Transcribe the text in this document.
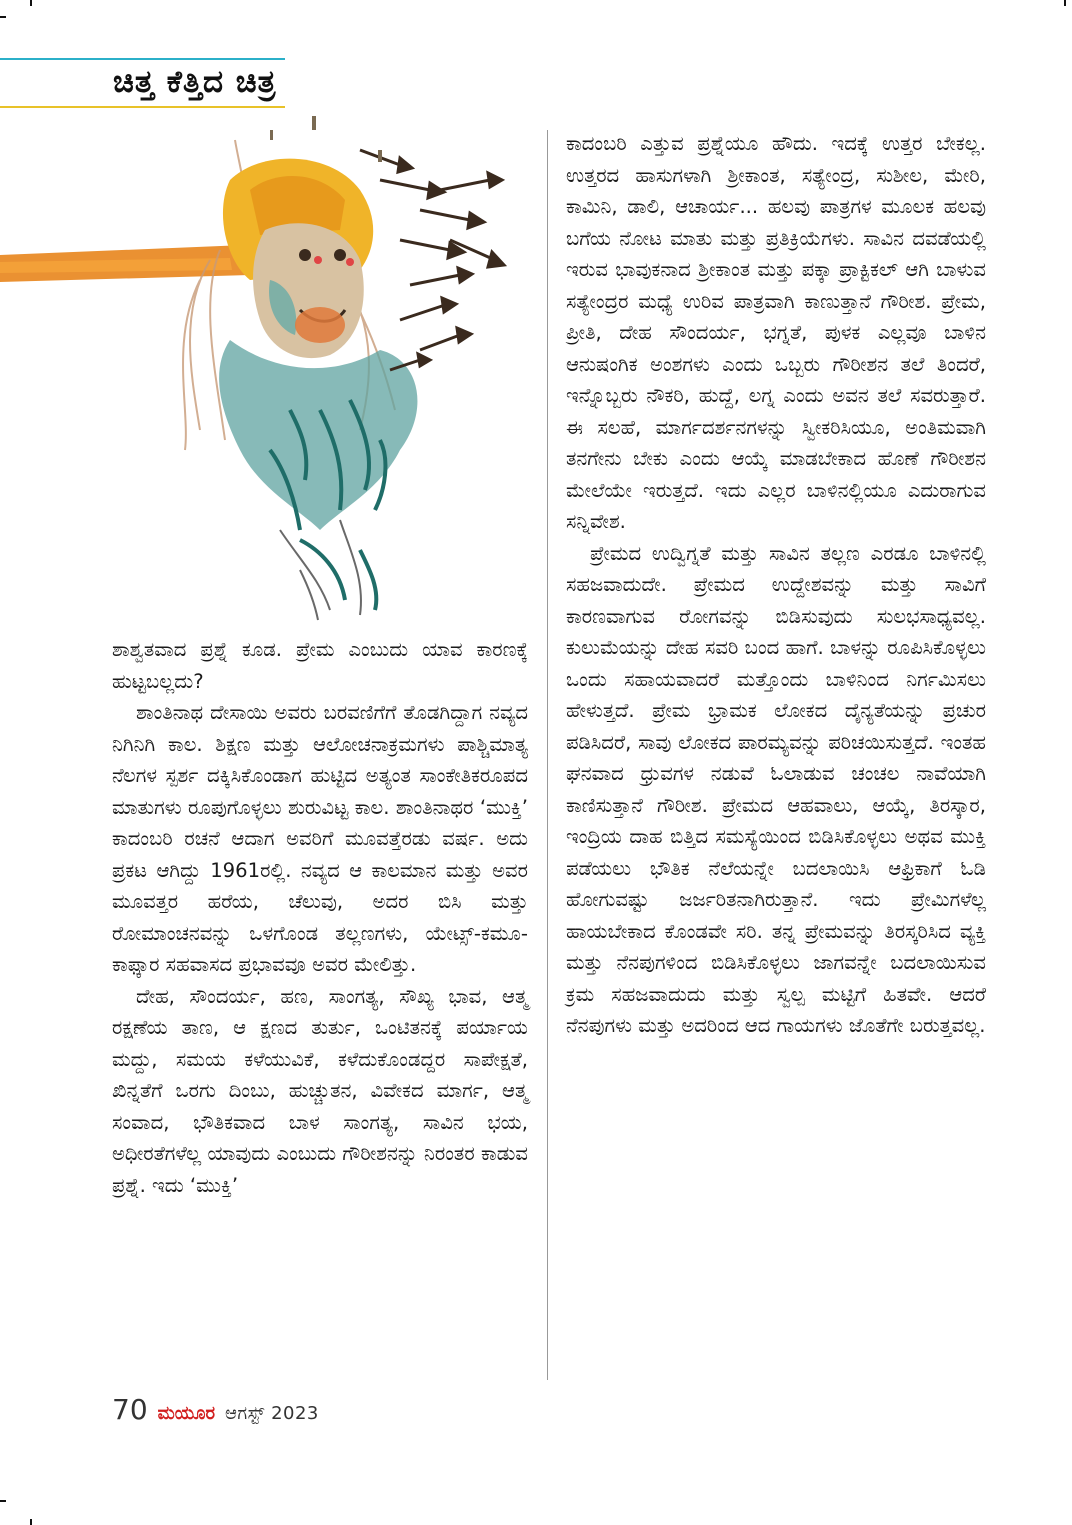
ಚಿತ್ತ ಕೆತ್ತಿದ ಚಿತ್ರ

ಶಾಶ್ವತವಾದ ಪ್ರಶ್ನೆ ಕೂಡ. ಪ್ರೇಮ ಎಂಬುದು ಯಾವ ಕಾರಣಕ್ಕೆ ಹುಟ್ಟಬಲ್ಲದು?

ಶಾಂತಿನಾಥ ದೇಸಾಯಿ ಅವರು ಬರವಣಿಗೆಗೆ ತೊಡಗಿದ್ದಾಗ ನವ್ಯದ ನಿಗಿನಿಗಿ ಕಾಲ. ಶಿಕ್ಷಣ ಮತ್ತು ಆಲೋಚನಾಕ್ರಮಗಳು ಪಾಶ್ಚಿಮಾತ್ಯ ನೆಲಗಳ ಸ್ಪರ್ಶ ದಕ್ಕಿಸಿಕೊಂಡಾಗ ಹುಟ್ಟಿದ ಅತ್ಯಂತ ಸಾಂಕೇತಿಕರೂಪದ ಮಾತುಗಳು ರೂಪುಗೊಳ್ಳಲು ಶುರುವಿಟ್ಟ ಕಾಲ. ಶಾಂತಿನಾಥರ ‘ಮುಕ್ತಿ’ ಕಾದಂಬರಿ ರಚನೆ ಆದಾಗ ಅವರಿಗೆ ಮೂವತ್ತೆರಡು ವರ್ಷ. ಅದು ಪ್ರಕಟ ಆಗಿದ್ದು 1961ರಲ್ಲಿ. ನವ್ಯದ ಆ ಕಾಲಮಾನ ಮತ್ತು ಅವರ ಮೂವತ್ತರ ಹರೆಯ, ಚೆಲುವು, ಅದರ ಬಿಸಿ ಮತ್ತು ರೋಮಾಂಚನವನ್ನು ಒಳಗೊಂಡ ತಲ್ಲಣಗಳು, ಯೇಟ್ಸ್-ಕಮೂ-ಕಾಫ್ಕಾರ ಸಹವಾಸದ ಪ್ರಭಾವವೂ ಅವರ ಮೇಲಿತ್ತು.

ದೇಹ, ಸೌಂದರ್ಯ, ಹಣ, ಸಾಂಗತ್ಯ, ಸೌಖ್ಯ ಭಾವ, ಆತ್ಮ ರಕ್ಷಣೆಯ ತಾಣ, ಆ ಕ್ಷಣದ ತುರ್ತು, ಒಂಟಿತನಕ್ಕೆ ಪರ್ಯಾಯ ಮದ್ದು, ಸಮಯ ಕಳೆಯುವಿಕೆ, ಕಳೆದುಕೊಂಡದ್ದರ ಸಾಪೇಕ್ಷತೆ, ಖಿನ್ನತೆಗೆ ಒರಗು ದಿಂಬು, ಹುಚ್ಚುತನ, ವಿವೇಕದ ಮಾರ್ಗ, ಆತ್ಮ ಸಂವಾದ, ಭೌತಿಕವಾದ ಬಾಳ ಸಾಂಗತ್ಯ, ಸಾವಿನ ಭಯ, ಅಧೀರತೆಗಳೆಲ್ಲ ಯಾವುದು ಎಂಬುದು ಗೌರೀಶನನ್ನು ನಿರಂತರ ಕಾಡುವ ಪ್ರಶ್ನೆ. ಇದು ‘ಮುಕ್ತಿ’

ಕಾದಂಬರಿ ಎತ್ತುವ ಪ್ರಶ್ನೆಯೂ ಹೌದು. ಇದಕ್ಕೆ ಉತ್ತರ ಬೇಕಲ್ಲ. ಉತ್ತರದ ಹಾಸುಗಳಾಗಿ ಶ್ರೀಕಾಂತ, ಸತ್ಯೇಂದ್ರ, ಸುಶೀಲ, ಮೇರಿ, ಕಾಮಿನಿ, ಡಾಲಿ, ಆಚಾರ್ಯ... ಹಲವು ಪಾತ್ರಗಳ ಮೂಲಕ ಹಲವು ಬಗೆಯ ನೋಟ ಮಾತು ಮತ್ತು ಪ್ರತಿಕ್ರಿಯೆಗಳು. ಸಾವಿನ ದವಡೆಯಲ್ಲಿ ಇರುವ ಭಾವುಕನಾದ ಶ್ರೀಕಾಂತ ಮತ್ತು ಪಕ್ಕಾ ಪ್ರಾಕ್ಟಿಕಲ್ ಆಗಿ ಬಾಳುವ ಸತ್ಯೇಂದ್ರರ ಮಧ್ಯೆ ಉರಿವ ಪಾತ್ರವಾಗಿ ಕಾಣುತ್ತಾನೆ ಗೌರೀಶ. ಪ್ರೇಮ, ಪ್ರೀತಿ, ದೇಹ ಸೌಂದರ್ಯ, ಭಗ್ನತೆ, ಪುಳಕ ಎಲ್ಲವೂ ಬಾಳಿನ ಆನುಷಂಗಿಕ ಅಂಶಗಳು ಎಂದು ಒಬ್ಬರು ಗೌರೀಶನ ತಲೆ ತಿಂದರೆ, ಇನ್ನೊಬ್ಬರು ನೌಕರಿ, ಹುದ್ದೆ, ಲಗ್ನ ಎಂದು ಅವನ ತಲೆ ಸವರುತ್ತಾರೆ. ಈ ಸಲಹೆ, ಮಾರ್ಗದರ್ಶನಗಳನ್ನು ಸ್ವೀಕರಿಸಿಯೂ, ಅಂತಿಮವಾಗಿ ತನಗೇನು ಬೇಕು ಎಂದು ಆಯ್ಕೆ ಮಾಡಬೇಕಾದ ಹೊಣೆ ಗೌರೀಶನ ಮೇಲೆಯೇ ಇರುತ್ತದೆ. ಇದು ಎಲ್ಲರ ಬಾಳಿನಲ್ಲಿಯೂ ಎದುರಾಗುವ ಸನ್ನಿವೇಶ.

ಪ್ರೇಮದ ಉದ್ವಿಗ್ನತೆ ಮತ್ತು ಸಾವಿನ ತಲ್ಲಣ ಎರಡೂ ಬಾಳಿನಲ್ಲಿ ಸಹಜವಾದುದೇ. ಪ್ರೇಮದ ಉದ್ದೇಶವನ್ನು ಮತ್ತು ಸಾವಿಗೆ ಕಾರಣವಾಗುವ ರೋಗವನ್ನು ಬಿಡಿಸುವುದು ಸುಲಭಸಾಧ್ಯವಲ್ಲ. ಕುಲುಮೆಯನ್ನು ದೇಹ ಸವರಿ ಬಂದ ಹಾಗೆ. ಬಾಳನ್ನು ರೂಪಿಸಿಕೊಳ್ಳಲು ಒಂದು ಸಹಾಯವಾದರೆ ಮತ್ತೊಂದು ಬಾಳಿನಿಂದ ನಿರ್ಗಮಿಸಲು ಹೇಳುತ್ತದೆ. ಪ್ರೇಮ ಭ್ರಾಮಕ ಲೋಕದ ದೈನ್ಯತೆಯನ್ನು ಪ್ರಚುರ ಪಡಿಸಿದರೆ, ಸಾವು ಲೋಕದ ಪಾರಮ್ಯವನ್ನು ಪರಿಚಯಿಸುತ್ತದೆ. ಇಂತಹ ಘನವಾದ ಧ್ರುವಗಳ ನಡುವೆ ಓಲಾಡುವ ಚಂಚಲ ನಾವೆಯಾಗಿ ಕಾಣಿಸುತ್ತಾನೆ ಗೌರೀಶ. ಪ್ರೇಮದ ಆಹವಾಲು, ಆಯ್ಕೆ, ತಿರಸ್ಕಾರ, ಇಂದ್ರಿಯ ದಾಹ ಬಿತ್ತಿದ ಸಮಸ್ಯೆಯಿಂದ ಬಿಡಿಸಿಕೊಳ್ಳಲು ಅಥವ ಮುಕ್ತಿ ಪಡೆಯಲು ಭೌತಿಕ ನೆಲೆಯನ್ನೇ ಬದಲಾಯಿಸಿ ಆಫ್ರಿಕಾಗೆ ಓಡಿ ಹೋಗುವಷ್ಟು ಜರ್ಜರಿತನಾಗಿರುತ್ತಾನೆ. ಇದು ಪ್ರೇಮಿಗಳೆಲ್ಲ ಹಾಯಬೇಕಾದ ಕೊಂಡವೇ ಸರಿ. ತನ್ನ ಪ್ರೇಮವನ್ನು ತಿರಸ್ಕರಿಸಿದ ವ್ಯಕ್ತಿ ಮತ್ತು ನೆನಪುಗಳಿಂದ ಬಿಡಿಸಿಕೊಳ್ಳಲು ಜಾಗವನ್ನೇ ಬದಲಾಯಿಸುವ ಕ್ರಮ ಸಹಜವಾದುದು ಮತ್ತು ಸ್ವಲ್ಪ ಮಟ್ಟಿಗೆ ಹಿತವೇ. ಆದರೆ ನೆನಪುಗಳು ಮತ್ತು ಅದರಿಂದ ಆದ ಗಾಯಗಳು ಜೊತೆಗೇ ಬರುತ್ತವಲ್ಲ.

70 ಮಯೂರ ಆಗಸ್ಟ್ 2023
